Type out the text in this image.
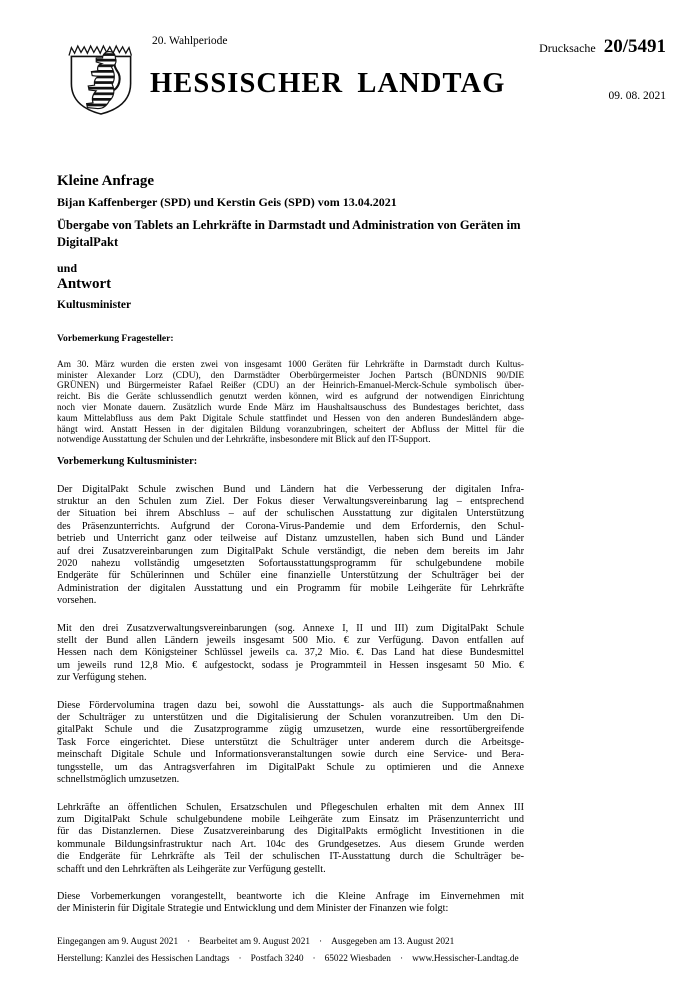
20. Wahlperiode	Drucksache 20/5491
HESSISCHER LANDTAG	09. 08. 2021
Kleine Anfrage
Bijan Kaffenberger (SPD) und Kerstin Geis (SPD) vom 13.04.2021
Übergabe von Tablets an Lehrkräfte in Darmstadt und Administration von Geräten im
DigitalPakt
und
Antwort
Kultusminister
Vorbemerkung Fragesteller:
Am 30. März wurden die ersten zwei von insgesamt 1000 Geräten für Lehrkräfte in Darmstadt durch Kultus-
minister Alexander Lorz (CDU), den Darmstädter Oberbürgermeister Jochen Partsch (BÜNDNIS 90/DIE
GRÜNEN) und Bürgermeister Rafael Reißer (CDU) an der Heinrich-Emanuel-Merck-Schule symbolisch über-
reicht. Bis die Geräte schlussendlich genutzt werden können, wird es aufgrund der notwendigen Einrichtung
noch vier Monate dauern. Zusätzlich wurde Ende März im Haushaltsauschuss des Bundestages berichtet, dass
kaum Mittelabfluss aus dem Pakt Digitale Schule stattfindet und Hessen von den anderen Bundesländern abge-
hängt wird. Anstatt Hessen in der digitalen Bildung voranzubringen, scheitert der Abfluss der Mittel für die
notwendige Ausstattung der Schulen und der Lehrkräfte, insbesondere mit Blick auf den IT-Support.
Vorbemerkung Kultusminister:
Der DigitalPakt Schule zwischen Bund und Ländern hat die Verbesserung der digitalen Infra-
struktur an den Schulen zum Ziel. Der Fokus dieser Verwaltungsvereinbarung lag – entsprechend
der Situation bei ihrem Abschluss – auf der schulischen Ausstattung zur digitalen Unterstützung
des Präsenzunterrichts. Aufgrund der Corona-Virus-Pandemie und dem Erfordernis, den Schul-
betrieb und Unterricht ganz oder teilweise auf Distanz umzustellen, haben sich Bund und Länder
auf drei Zusatzvereinbarungen zum DigitalPakt Schule verständigt, die neben dem bereits im Jahr
2020 nahezu vollständig umgesetzten Sofortausstattungsprogramm für schulgebundene mobile
Endgeräte für Schülerinnen und Schüler eine finanzielle Unterstützung der Schulträger bei der
Administration der digitalen Ausstattung und ein Programm für mobile Leihgeräte für Lehrkräfte
vorsehen.
Mit den drei Zusatzverwaltungsvereinbarungen (sog. Annexe I, II und III) zum DigitalPakt Schule
stellt der Bund allen Ländern jeweils insgesamt 500 Mio. € zur Verfügung. Davon entfallen auf
Hessen nach dem Königsteiner Schlüssel jeweils ca. 37,2 Mio. €. Das Land hat diese Bundesmittel
um jeweils rund 12,8 Mio. € aufgestockt, sodass je Programmteil in Hessen insgesamt 50 Mio. €
zur Verfügung stehen.
Diese Fördervolumina tragen dazu bei, sowohl die Ausstattungs- als auch die Supportmaßnahmen
der Schulträger zu unterstützen und die Digitalisierung der Schulen voranzutreiben. Um den Di-
gitalPakt Schule und die Zusatzprogramme zügig umzusetzen, wurde eine ressortübergreifende
Task Force eingerichtet. Diese unterstützt die Schulträger unter anderem durch die Arbeitsge-
meinschaft Digitale Schule und Informationsveranstaltungen sowie durch eine Service- und Bera-
tungsstelle, um das Antragsverfahren im DigitalPakt Schule zu optimieren und die Annexe
schnellstmöglich umzusetzen.
Lehrkräfte an öffentlichen Schulen, Ersatzschulen und Pflegeschulen erhalten mit dem Annex III
zum DigitalPakt Schule schulgebundene mobile Leihgeräte zum Einsatz im Präsenzunterricht und
für das Distanzlernen. Diese Zusatzvereinbarung des DigitalPakts ermöglicht Investitionen in die
kommunale Bildungsinfrastruktur nach Art. 104c des Grundgesetzes. Aus diesem Grunde werden
die Endgeräte für Lehrkräfte als Teil der schulischen IT-Ausstattung durch die Schulträger be-
schafft und den Lehrkräften als Leihgeräte zur Verfügung gestellt.
Diese Vorbemerkungen vorangestellt, beantworte ich die Kleine Anfrage im Einvernehmen mit
der Ministerin für Digitale Strategie und Entwicklung und dem Minister der Finanzen wie folgt:
Eingegangen am 9. August 2021 · Bearbeitet am 9. August 2021 · Ausgegeben am 13. August 2021
Herstellung: Kanzlei des Hessischen Landtags · Postfach 3240 · 65022 Wiesbaden · www.Hessischer-Landtag.de
